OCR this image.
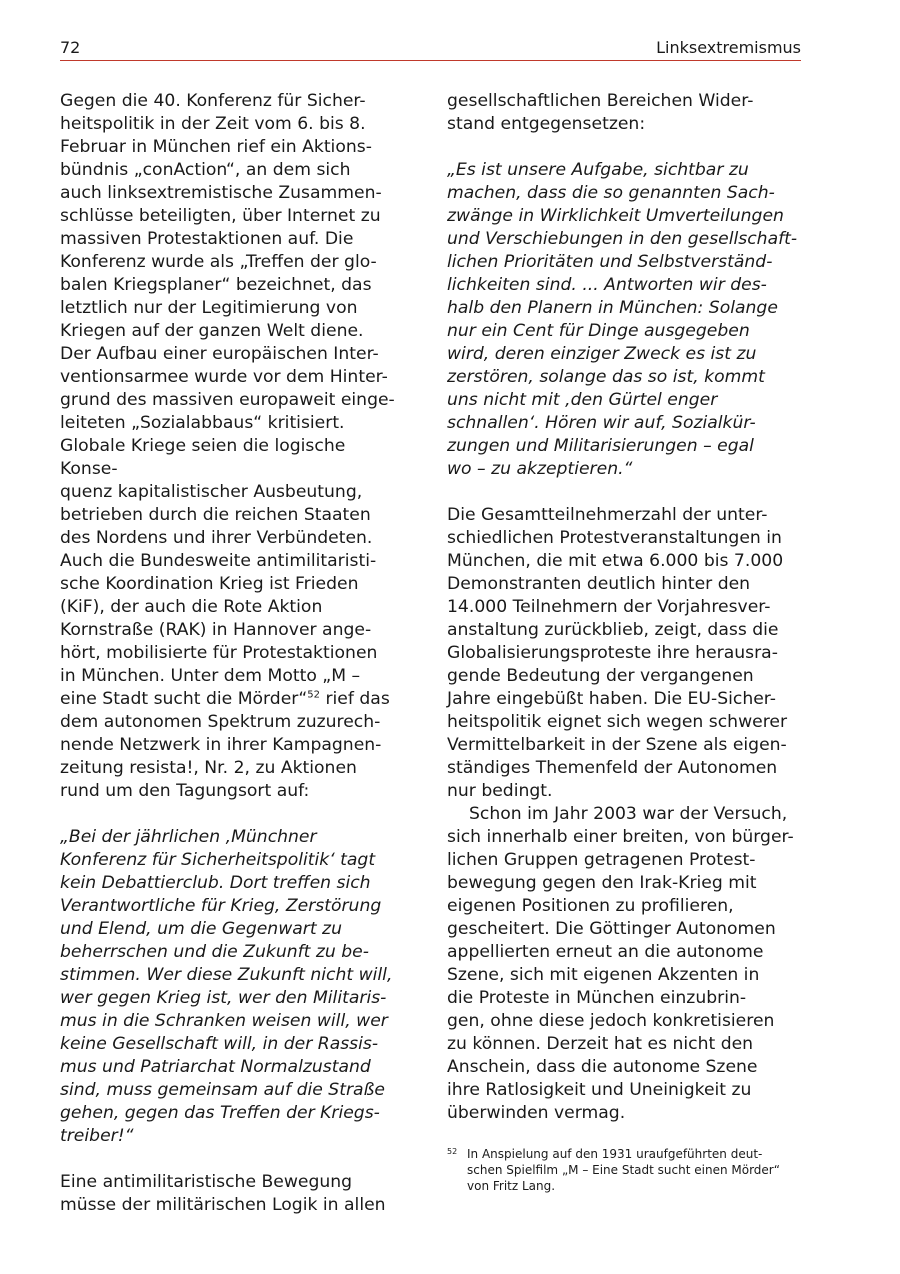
72	Linksextremismus
Gegen die 40. Konferenz für Sicher-
heitspolitik in der Zeit vom 6. bis 8.
Februar in München rief ein Aktions-
bündnis „conAction“, an dem sich
auch linksextremistische Zusammen-
schlüsse beteiligten, über Internet zu
massiven Protestaktionen auf. Die
Konferenz wurde als „Treffen der glo-
balen Kriegsplaner“ bezeichnet, das
letztlich nur der Legitimierung von
Kriegen auf der ganzen Welt diene.
Der Aufbau einer europäischen Inter-
ventionsarmee wurde vor dem Hinter-
grund des massiven europaweit einge-
leiteten „Sozialabbaus“ kritisiert.
Globale Kriege seien die logische Konse-
quenz kapitalistischer Ausbeutung,
betrieben durch die reichen Staaten
des Nordens und ihrer Verbündeten.
Auch die Bundesweite antimilitaristi-
sche Koordination Krieg ist Frieden
(KiF), der auch die Rote Aktion
Kornstraße (RAK) in Hannover ange-
hört, mobilisierte für Protestaktionen
in München. Unter dem Motto „M –
eine Stadt sucht die Mörder“$^{52}$ rief das
dem autonomen Spektrum zuzurech-
nende Netzwerk in ihrer Kampagnen-
zeitung resista!, Nr. 2, zu Aktionen
rund um den Tagungsort auf:
„Bei der jährlichen ‚Münchner
Konferenz für Sicherheitspolitik‘ tagt
kein Debattierclub. Dort treffen sich
Verantwortliche für Krieg, Zerstörung
und Elend, um die Gegenwart zu
beherrschen und die Zukunft zu be-
stimmen. Wer diese Zukunft nicht will,
wer gegen Krieg ist, wer den Militaris-
mus in die Schranken weisen will, wer
keine Gesellschaft will, in der Rassis-
mus und Patriarchat Normalzustand
sind, muss gemeinsam auf die Straße
gehen, gegen das Treffen der Kriegs-
treiber!“
Eine antimilitaristische Bewegung
müsse der militärischen Logik in allen
gesellschaftlichen Bereichen Wider-
stand entgegensetzen:
„Es ist unsere Aufgabe, sichtbar zu
machen, dass die so genannten Sach-
zwänge in Wirklichkeit Umverteilungen
und Verschiebungen in den gesellschaft-
lichen Prioritäten und Selbstverständ-
lichkeiten sind. ... Antworten wir des-
halb den Planern in München: Solange
nur ein Cent für Dinge ausgegeben
wird, deren einziger Zweck es ist zu
zerstören, solange das so ist, kommt
uns nicht mit ‚den Gürtel enger
schnallen‘. Hören wir auf, Sozialkür-
zungen und Militarisierungen – egal
wo – zu akzeptieren.“
Die Gesamtteilnehmerzahl der unter-
schiedlichen Protestveranstaltungen in
München, die mit etwa 6.000 bis 7.000
Demonstranten deutlich hinter den
14.000 Teilnehmern der Vorjahresver-
anstaltung zurückblieb, zeigt, dass die
Globalisierungsproteste ihre herausra-
gende Bedeutung der vergangenen
Jahre eingebüßt haben. Die EU-Sicher-
heitspolitik eignet sich wegen schwerer
Vermittelbarkeit in der Szene als eigen-
ständiges Themenfeld der Autonomen
nur bedingt.
Schon im Jahr 2003 war der Versuch,
sich innerhalb einer breiten, von bürger-
lichen Gruppen getragenen Protest-
bewegung gegen den Irak-Krieg mit
eigenen Positionen zu profilieren,
gescheitert. Die Göttinger Autonomen
appellierten erneut an die autonome
Szene, sich mit eigenen Akzenten in
die Proteste in München einzubrin-
gen, ohne diese jedoch konkretisieren
zu können. Derzeit hat es nicht den
Anschein, dass die autonome Szene
ihre Ratlosigkeit und Uneinigkeit zu
überwinden vermag.
52 In Anspielung auf den 1931 uraufgeführten deut-
schen Spielfilm „M – Eine Stadt sucht einen Mörder“
von Fritz Lang.
